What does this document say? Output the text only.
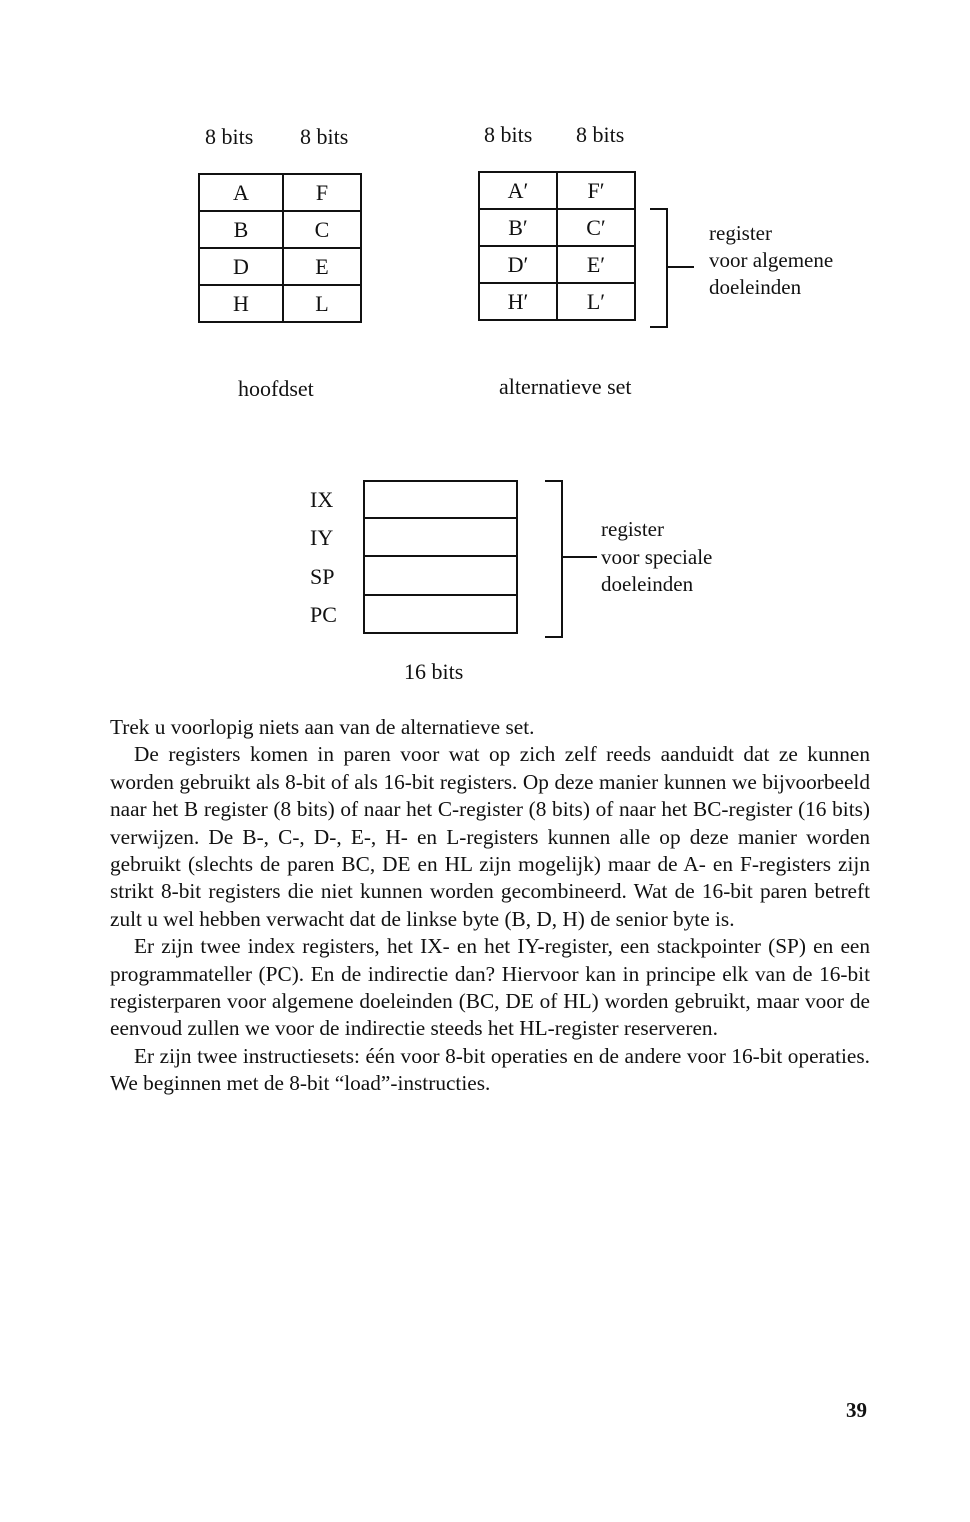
8 bits 8 bits
A	F
B	C
D	E
H	L
hoofdset
8 bits 8 bits
A′	F′
B′	C′
D′	E′
H′	L′
alternatieve set
register
voor algemene
doeleinden
IX
IY
SP
PC
16 bits
register
voor speciale
doeleinden

Trek u voorlopig niets aan van de alternatieve set.

De registers komen in paren voor wat op zich zelf reeds aanduidt dat ze kunnen worden gebruikt als 8-bit of als 16-bit registers. Op deze manier kunnen we bijvoorbeeld naar het B register (8 bits) of naar het C-register (8 bits) of naar het BC-register (16 bits) verwijzen. De B-, C-, D-, E-, H- en L-registers kunnen alle op deze manier worden gebruikt (slechts de paren BC, DE en HL zijn mogelijk) maar de A- en F-registers zijn strikt 8-bit registers die niet kunnen worden gecombineerd. Wat de 16-bit paren betreft zult u wel hebben verwacht dat de linkse byte (B, D, H) de senior byte is.

Er zijn twee index registers, het IX- en het IY-register, een stackpointer (SP) en een programmateller (PC). En de indirectie dan? Hiervoor kan in principe elk van de 16-bit registerparen voor algemene doeleinden (BC, DE of HL) worden gebruikt, maar voor de eenvoud zullen we voor de indirectie steeds het HL-register reserveren.

Er zijn twee instructiesets: één voor 8-bit operaties en de andere voor 16-bit operaties. We beginnen met de 8-bit “load”-instructies.

39
